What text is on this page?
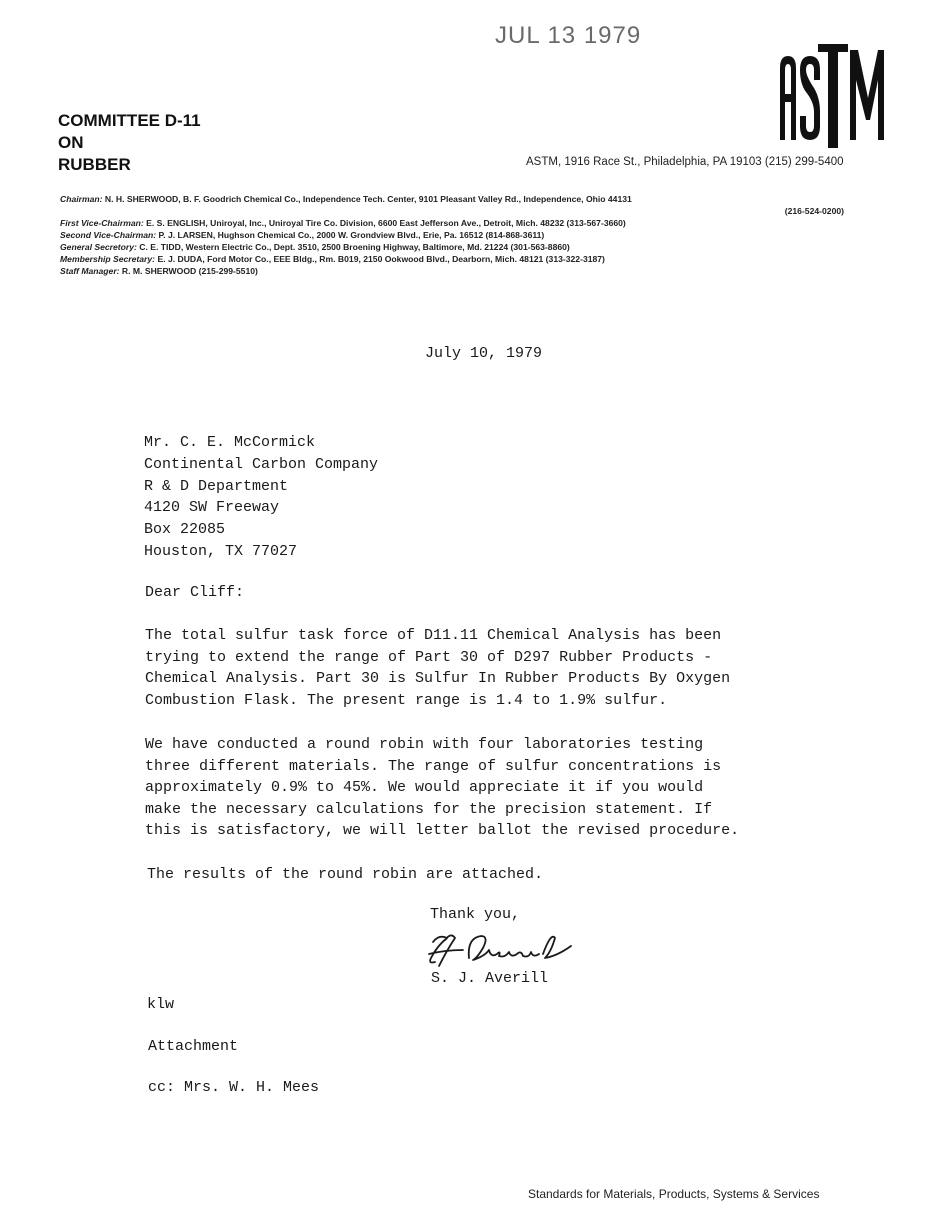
JUL 13 1979
COMMITTEE D-11
ON
RUBBER	ASTM, 1916 Race St., Philadelphia, PA 19103 (215) 299-5400
Chairman: N. H. SHERWOOD, B. F. Goodrich Chemical Co., Independence Tech. Center, 9101 Pleasant Valley Rd., Independence, Ohio 44131
(216-524-0200)
First Vice-Chairman: E. S. ENGLISH, Uniroyal, Inc., Uniroyal Tire Co. Division, 6600 East Jefferson Ave., Detroit, Mich. 48232 (313-567-3660)
Second Vice-Chairman: P. J. LARSEN, Hughson Chemical Co., 2000 W. Grondview Blvd., Erie, Pa. 16512 (814-868-3611)
General Secretory: C. E. TIDD, Western Electric Co., Dept. 3510, 2500 Broening Highway, Baltimore, Md. 21224 (301-563-8860)
Membership Secretary: E. J. DUDA, Ford Motor Co., EEE Bldg., Rm. B019, 2150 Ookwood Blvd., Dearborn, Mich. 48121 (313-322-3187)
Staff Manager: R. M. SHERWOOD (215-299-5510)
July 10, 1979
Mr. C. E. McCormick
Continental Carbon Company
R & D Department
4120 SW Freeway
Box 22085
Houston, TX 77027
Dear Cliff:
The total sulfur task force of D11.11 Chemical Analysis has been
trying to extend the range of Part 30 of D297 Rubber Products -
Chemical Analysis. Part 30 is Sulfur In Rubber Products By Oxygen
Combustion Flask. The present range is 1.4 to 1.9% sulfur.
We have conducted a round robin with four laboratories testing
three different materials. The range of sulfur concentrations is
approximately 0.9% to 45%. We would appreciate it if you would
make the necessary calculations for the precision statement. If
this is satisfactory, we will letter ballot the revised procedure.
The results of the round robin are attached.
Thank you,
S. J. Averill
klw
Attachment
cc: Mrs. W. H. Mees
Standards for Materials, Products, Systems & Services
